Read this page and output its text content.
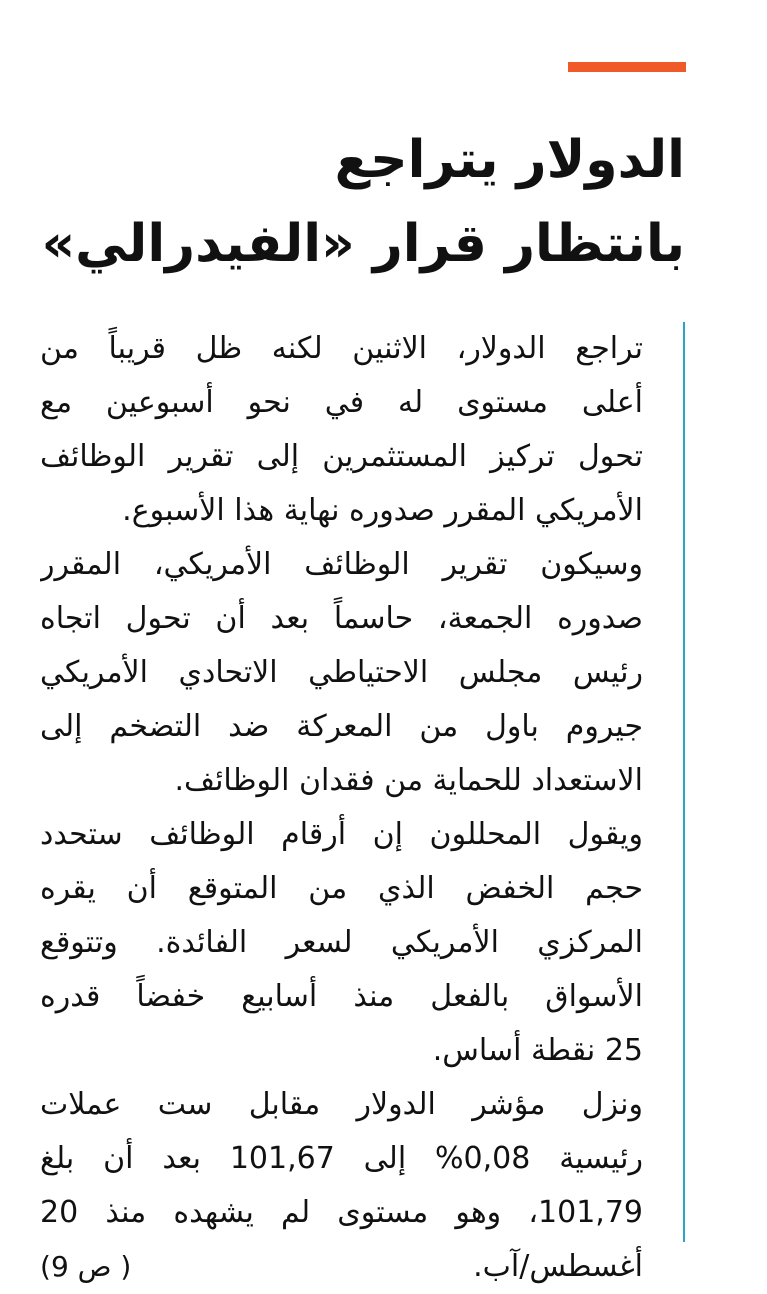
الدولار يتراجع
بانتظار قرار «الفيدرالي»
تراجع الدولار، الاثنين لكنه ظل قريباً من
أعلى مستوى له في نحو أسبوعين مع
تحول تركيز المستثمرين إلى تقرير الوظائف
الأمريكي المقرر صدوره نهاية هذا الأسبوع.
وسيكون تقرير الوظائف الأمريكي، المقرر
صدوره الجمعة، حاسماً بعد أن تحول اتجاه
رئيس مجلس الاحتياطي الاتحادي الأمريكي
جيروم باول من المعركة ضد التضخم إلى
الاستعداد للحماية من فقدان الوظائف.
ويقول المحللون إن أرقام الوظائف ستحدد
حجم الخفض الذي من المتوقع أن يقره
المركزي الأمريكي لسعر الفائدة. وتتوقع
الأسواق بالفعل منذ أسابيع خفضاً قدره
25 نقطة أساس.
ونزل مؤشر الدولار مقابل ست عملات
رئيسية 0,08% إلى 101,67 بعد أن بلغ
101,79، وهو مستوى لم يشهده منذ 20
أغسطس/آب.
( ص 9)
